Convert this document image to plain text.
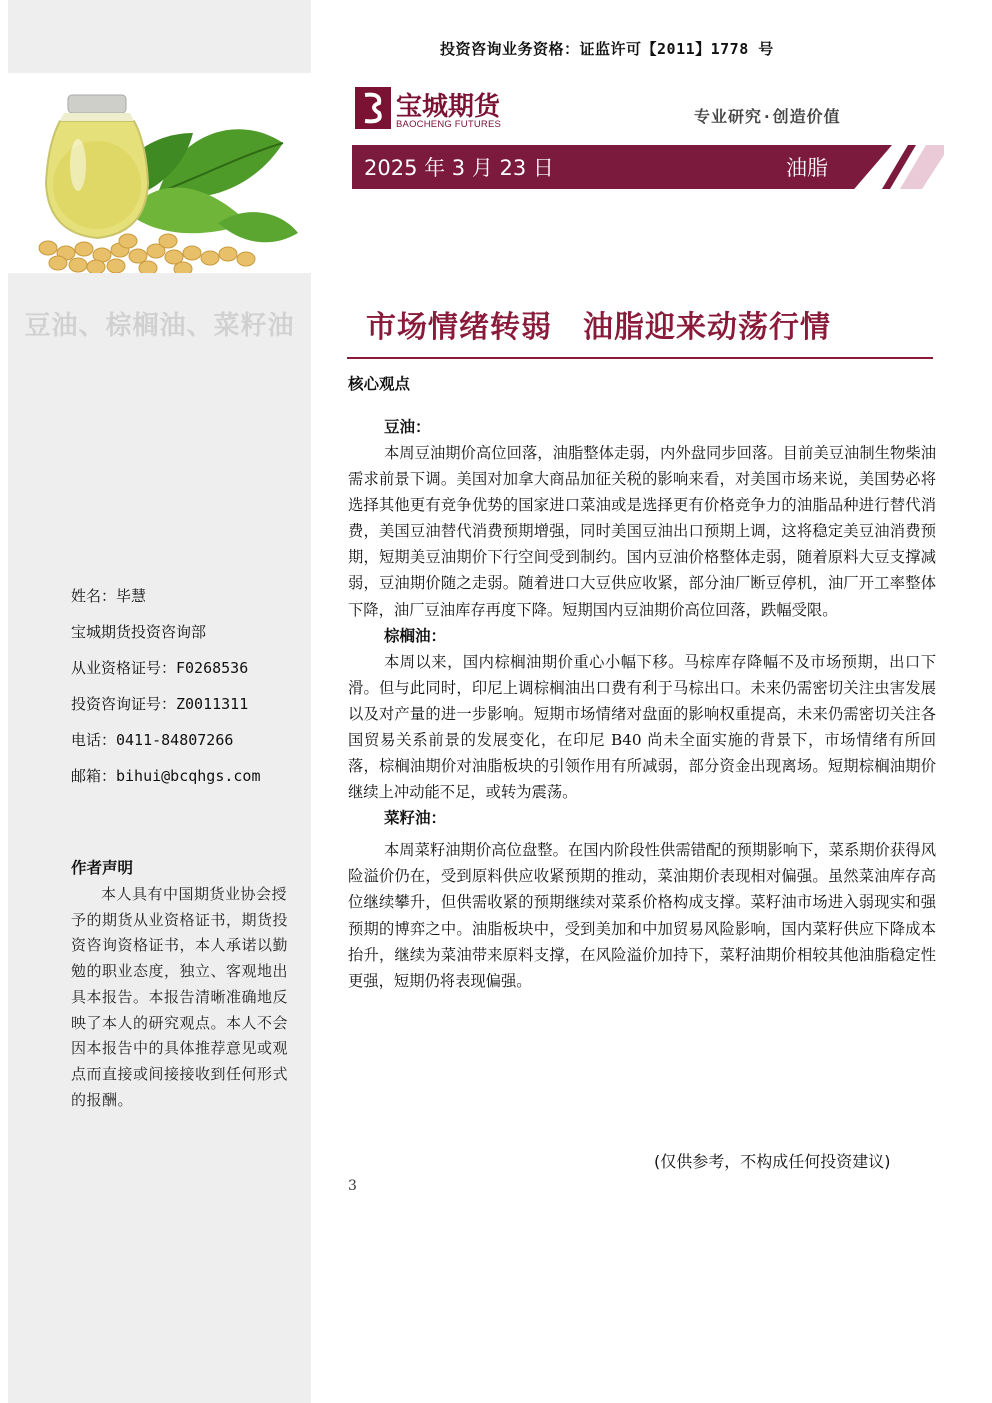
豆油、棕榈油、菜籽油
姓名：毕慧
宝城期货投资咨询部
从业资格证号：F0268536
投资咨询证号：Z0011311
电话：0411-84807266
邮箱：bihui@bcqhgs.com
作者声明
本人具有中国期货业协会授予的期货从业资格证书，期货投资咨询资格证书，本人承诺以勤勉的职业态度，独立、客观地出具本报告。本报告清晰准确地反映了本人的研究观点。本人不会因本报告中的具体推荐意见或观点而直接或间接接收到任何形式的报酬。
投资咨询业务资格：证监许可【2011】1778 号
宝城期货
BAOCHENG FUTURES	专业研究·创造价值
2025 年 3 月 23 日	油脂
市场情绪转弱　油脂迎来动荡行情
核心观点
豆油：

本周豆油期价高位回落，油脂整体走弱，内外盘同步回落。目前美豆油制生物柴油需求前景下调。美国对加拿大商品加征关税的影响来看，对美国市场来说，美国势必将选择其他更有竞争优势的国家进口菜油或是选择更有价格竞争力的油脂品种进行替代消费，美国豆油替代消费预期增强，同时美国豆油出口预期上调，这将稳定美豆油消费预期，短期美豆油期价下行空间受到制约。国内豆油价格整体走弱，随着原料大豆支撑减弱，豆油期价随之走弱。随着进口大豆供应收紧，部分油厂断豆停机，油厂开工率整体下降，油厂豆油库存再度下降。短期国内豆油期价高位回落，跌幅受限。

棕榈油：

本周以来，国内棕榈油期价重心小幅下移。马棕库存降幅不及市场预期，出口下滑。但与此同时，印尼上调棕榈油出口费有利于马棕出口。未来仍需密切关注虫害发展以及对产量的进一步影响。短期市场情绪对盘面的影响权重提高，未来仍需密切关注各国贸易关系前景的发展变化，在印尼 B40 尚未全面实施的背景下，市场情绪有所回落，棕榈油期价对油脂板块的引领作用有所减弱，部分资金出现离场。短期棕榈油期价继续上冲动能不足，或转为震荡。

菜籽油：

本周菜籽油期价高位盘整。在国内阶段性供需错配的预期影响下，菜系期价获得风险溢价仍在，受到原料供应收紧预期的推动，菜油期价表现相对偏强。虽然菜油库存高位继续攀升，但供需收紧的预期继续对菜系价格构成支撑。菜籽油市场进入弱现实和强预期的博弈之中。油脂板块中，受到美加和中加贸易风险影响，国内菜籽供应下降成本抬升，继续为菜油带来原料支撑，在风险溢价加持下，菜籽油期价相较其他油脂稳定性更强，短期仍将表现偏强。

(仅供参考，不构成任何投资建议)
3
